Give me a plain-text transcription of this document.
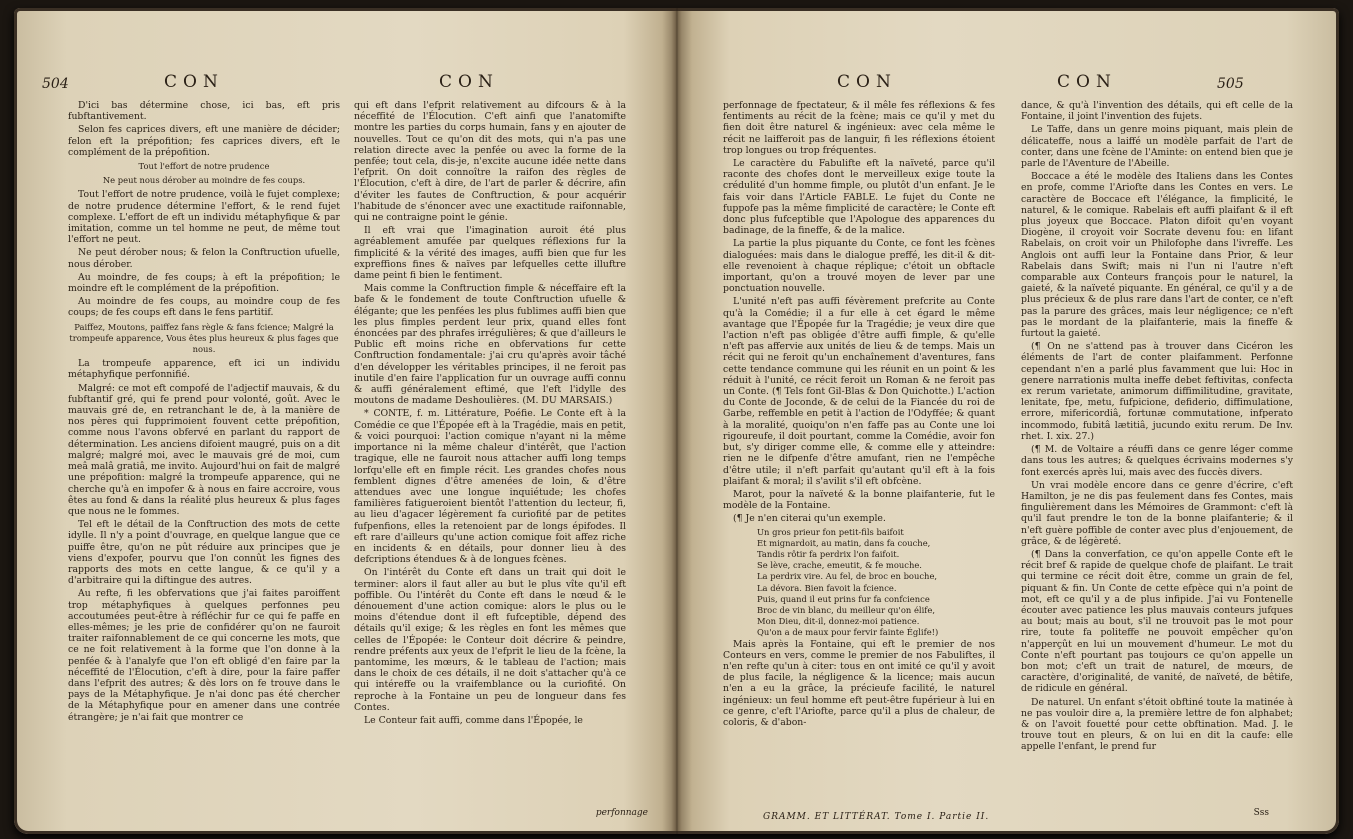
504	CON	CON

D'ici bas détermine chose, ici bas, eft pris fubftantivement.

Selon fes caprices divers, eft une manière de décider; felon eft la prépofition; fes caprices divers, eft le complément de la prépofition.

Tout l'effort de notre prudence

Ne peut nous dérober au moindre de fes coups.

Tout l'effort de notre prudence, voilà le fujet complexe; de notre prudence détermine l'effort, & le rend fujet complexe. L'effort de eft un individu métaphyfique & par imitation, comme un tel homme ne peut, de même tout l'effort ne peut.

Ne peut dérober nous; & felon la Conftruction ufuelle, nous dérober.

Au moindre, de fes coups; à eft la prépofition; le moindre eft le complément de la prépofition.

Au moindre de fes coups, au moindre coup de fes coups; de fes coups eft dans le fens partitif.

Paiffez, Moutons, paiffez fans règle & fans fcience; Malgré la trompeufe apparence, Vous êtes plus heureux & plus fages que nous.

La trompeufe apparence, eft ici un individu métaphyfique perfonnifié.

Malgré: ce mot eft compofé de l'adjectif mauvais, & du fubftantif gré, qui fe prend pour volonté, goût. Avec le mauvais gré de, en retranchant le de, à la manière de nos pères qui fupprimoient fouvent cette prépofition, comme nous l'avons obfervé en parlant du rapport de détermination. Les anciens difoient maugré, puis on a dit malgré; malgré moi, avec le mauvais gré de moi, cum meâ malâ gratiâ, me invito. Aujourd'hui on fait de malgré une prépofition: malgré la trompeufe apparence, qui ne cherche qu'à en impofer & à nous en faire accroire, vous êtes au fond & dans la réalité plus heureux & plus fages que nous ne le fommes.

Tel eft le détail de la Conftruction des mots de cette idylle. Il n'y a point d'ouvrage, en quelque langue que ce puiffe être, qu'on ne pût réduire aux principes que je viens d'expofer, pourvu que l'on connût les fignes des rapports des mots en cette langue, & ce qu'il y a d'arbitraire qui la diftingue des autres.

Au refte, fi les obfervations que j'ai faites paroiffent trop métaphyfiques à quelques perfonnes peu accoutumées peut-être à réfléchir fur ce qui fe paffe en elles-mêmes; je les prie de confidérer qu'on ne fauroit traiter raifonnablement de ce qui concerne les mots, que ce ne foit relativement à la forme que l'on donne à la penfée & à l'analyfe que l'on eft obligé d'en faire par la néceffité de l'Élocution, c'eft à dire, pour la faire paffer dans l'efprit des autres; & dès lors on fe trouve dans le pays de la Métaphyfique. Je n'ai donc pas été chercher de la Métaphyfique pour en amener dans une contrée étrangère; je n'ai fait que montrer ce

qui eft dans l'efprit relativement au difcours & à la néceffité de l'Élocution. C'eft ainfi que l'anatomifte montre les parties du corps humain, fans y en ajouter de nouvelles. Tout ce qu'on dit des mots, qui n'a pas une relation directe avec la penfée ou avec la forme de la penfée; tout cela, dis-je, n'excite aucune idée nette dans l'efprit. On doit connoître la raifon des règles de l'Élocution, c'eft à dire, de l'art de parler & décrire, afin d'éviter les fautes de Conftruction, & pour acquérir l'habitude de s'énoncer avec une exactitude raifonnable, qui ne contraigne point le génie.

Il eft vrai que l'imagination auroit été plus agréablement amufée par quelques réflexions fur la fimplicité & la vérité des images, auffi bien que fur les expreffions fines & naïves par lefquelles cette illuftre dame peint fi bien le fentiment.

Mais comme la Conftruction fimple & néceffaire eft la bafe & le fondement de toute Conftruction ufuelle & élégante; que les penfées les plus fublimes auffi bien que les plus fimples perdent leur prix, quand elles font énoncées par des phrafes irrégulières; & que d'ailleurs le Public eft moins riche en obfervations fur cette Conftruction fondamentale: j'ai cru qu'après avoir tâché d'en développer les véritables principes, il ne feroit pas inutile d'en faire l'application fur un ouvrage auffi connu & auffi généralement eftimé, que l'eft l'idylle des moutons de madame Deshoulières. (M. DU MARSAIS.)

* CONTE, f. m. Littérature, Poéfie. Le Conte eft à la Comédie ce que l'Épopée eft à la Tragédie, mais en petit, & voici pourquoi: l'action comique n'ayant ni la même importance ni la même chaleur d'intérêt, que l'action tragique, elle ne fauroit nous attacher auffi long temps lorfqu'elle eft en fimple récit. Les grandes chofes nous femblent dignes d'être amenées de loin, & d'être attendues avec une longue inquiétude; les chofes familières fatigueroient bientôt l'attention du lecteur, fi, au lieu d'agacer légèrement fa curiofité par de petites fufpenfions, elles la retenoient par de longs épifodes. Il eft rare d'ailleurs qu'une action comique foit affez riche en incidents & en détails, pour donner lieu à des defcriptions étendues & à de longues fcènes.

On l'intérêt du Conte eft dans un trait qui doit le terminer: alors il faut aller au but le plus vîte qu'il eft poffible. Ou l'intérêt du Conte eft dans le nœud & le dénouement d'une action comique: alors le plus ou le moins d'étendue dont il eft fufceptible, dépend des détails qu'il exige; & les règles en font les mêmes que celles de l'Épopée: le Conteur doit décrire & peindre, rendre préfents aux yeux de l'efprit le lieu de la fcène, la pantomime, les mœurs, & le tableau de l'action; mais dans le choix de ces détails, il ne doit s'attacher qu'à ce qui intéreffe ou la vraifemblance ou la curiofité. On reproche à la Fontaine un peu de longueur dans fes Contes.

Le Conteur fait auffi, comme dans l'Épopée, le

perfonnage
CON	CON	505

perfonnage de fpectateur, & il mêle fes réflexions & fes fentiments au récit de la fcène; mais ce qu'il y met du fien doit être naturel & ingénieux: avec cela même le récit ne laifferoit pas de languir, fi les réflexions étoient trop longues ou trop fréquentes.

Le caractère du Fabulifte eft la naïveté, parce qu'il raconte des chofes dont le merveilleux exige toute la crédulité d'un homme fimple, ou plutôt d'un enfant. Je le fais voir dans l'Article FABLE. Le fujet du Conte ne fuppofe pas la même fimplicité de caractère; le Conte eft donc plus fufceptible que l'Apologue des apparences du badinage, de la fineffe, & de la malice.

La partie la plus piquante du Conte, ce font les fcènes dialoguées: mais dans le dialogue preffé, les dit-il & dit-elle revenoient à chaque réplique; c'étoit un obftacle important, qu'on a trouvé moyen de lever par une ponctuation nouvelle.

L'unité n'eft pas auffi févèrement prefcrite au Conte qu'à la Comédie; il a fur elle à cet égard le même avantage que l'Épopée fur la Tragédie; je veux dire que l'action n'eft pas obligée d'être auffi fimple, & qu'elle n'eft pas affervie aux unités de lieu & de temps. Mais un récit qui ne feroit qu'un enchaînement d'aventures, fans cette tendance commune qui les réunit en un point & les réduit à l'unité, ce récit feroit un Roman & ne feroit pas un Conte. (¶ Tels font Gil-Blas & Don Quichotte.) L'action du Conte de Joconde, & de celui de la Fiancée du roi de Garbe, reffemble en petit à l'action de l'Odyffée; & quant à la moralité, quoiqu'on n'en faffe pas au Conte une loi rigoureufe, il doit pourtant, comme la Comédie, avoir fon but, s'y diriger comme elle, & comme elle y atteindre: rien ne le difpenfe d'être amufant, rien ne l'empêche d'être utile; il n'eft parfait qu'autant qu'il eft à la fois plaifant & moral; il s'avilit s'il eft obfcène.

Marot, pour la naïveté & la bonne plaifanterie, fut le modèle de la Fontaine.

(¶ Je n'en citerai qu'un exemple.

Un gros prieur fon petit-fils baifoit

Et mignardoit, au matin, dans fa couche,

Tandis rôtir fa perdrix l'on faifoit.

Se lève, crache, emeutit, & fe mouche.

La perdrix vire. Au fel, de broc en bouche,

La dévora. Bien favoit la fcience.

Puis, quand il eut prins fur fa confcience

Broc de vin blanc, du meilleur qu'on élife,

Mon Dieu, dit-il, donnez-moi patience.

Qu'on a de maux pour fervir fainte Églife!)

Mais après la Fontaine, qui eft le premier de nos Conteurs en vers, comme le premier de nos Fabuliftes, il n'en refte qu'un à citer: tous en ont imité ce qu'il y avoit de plus facile, la négligence & la licence; mais aucun n'en a eu la grâce, la précieufe facilité, le naturel ingénieux: un feul homme eft peut-être fupérieur à lui en ce genre, c'eft l'Ariofte, parce qu'il a plus de chaleur, de coloris, & d'abon-

GRAMM. ET LITTÉRAT. Tome I. Partie II.

dance, & qu'à l'invention des détails, qui eft celle de la Fontaine, il joint l'invention des fujets.

Le Taffe, dans un genre moins piquant, mais plein de délicateffe, nous a laiffé un modèle parfait de l'art de conter, dans une fcène de l'Aminte: on entend bien que je parle de l'Aventure de l'Abeille.

Boccace a été le modèle des Italiens dans les Contes en profe, comme l'Ariofte dans les Contes en vers. Le caractère de Boccace eft l'élégance, la fimplicité, le naturel, & le comique. Rabelais eft auffi plaifant & il eft plus joyeux que Boccace. Platon difoit qu'en voyant Diogène, il croyoit voir Socrate devenu fou: en lifant Rabelais, on croit voir un Philofophe dans l'ivreffe. Les Anglois ont auffi leur la Fontaine dans Prior, & leur Rabelais dans Swift; mais ni l'un ni l'autre n'eft comparable aux Conteurs françois pour le naturel, la gaieté, & la naïveté piquante. En général, ce qu'il y a de plus précieux & de plus rare dans l'art de conter, ce n'eft pas la parure des grâces, mais leur négligence; ce n'eft pas le mordant de la plaifanterie, mais la fineffe & furtout la gaieté.

(¶ On ne s'attend pas à trouver dans Cicéron les éléments de l'art de conter plaifamment. Perfonne cependant n'en a parlé plus favamment que lui: Hoc in genere narrationis multa ineffe debet feftivitas, confecta ex rerum varietate, animorum diffimilitudine, gravitate, lenitate, fpe, metu, fufpicione, defiderio, diffimulatione, errore, mifericordiâ, fortunæ commutatione, infperato incommodo, fubitâ lætitiâ, jucundo exitu rerum. De Inv. rhet. I. xix. 27.)

(¶ M. de Voltaire a réuffi dans ce genre léger comme dans tous les autres; & quelques écrivains modernes s'y font exercés après lui, mais avec des fuccès divers.

Un vrai modèle encore dans ce genre d'écrire, c'eft Hamilton, je ne dis pas feulement dans fes Contes, mais fingulièrement dans les Mémoires de Grammont: c'eft là qu'il faut prendre le ton de la bonne plaifanterie; & il n'eft guère poffible de conter avec plus d'enjouement, de grâce, & de légèreté.

(¶ Dans la converfation, ce qu'on appelle Conte eft le récit bref & rapide de quelque chofe de plaifant. Le trait qui termine ce récit doit être, comme un grain de fel, piquant & fin. Un Conte de cette efpèce qui n'a point de mot, eft ce qu'il y a de plus infipide. J'ai vu Fontenelle écouter avec patience les plus mauvais conteurs jufques au bout; mais au bout, s'il ne trouvoit pas le mot pour rire, toute fa politeffe ne pouvoit empêcher qu'on n'apperçût en lui un mouvement d'humeur. Le mot du Conte n'eft pourtant pas toujours ce qu'on appelle un bon mot; c'eft un trait de naturel, de mœurs, de caractère, d'originalité, de vanité, de naïveté, de bêtife, de ridicule en général.

De naturel. Un enfant s'étoit obftiné toute la matinée à ne pas vouloir dire a, la première lettre de fon alphabet; & on l'avoit fouetté pour cette obftination. Mad. J. le trouve tout en pleurs, & on lui en dit la caufe: elle appelle l'enfant, le prend fur

Sss
